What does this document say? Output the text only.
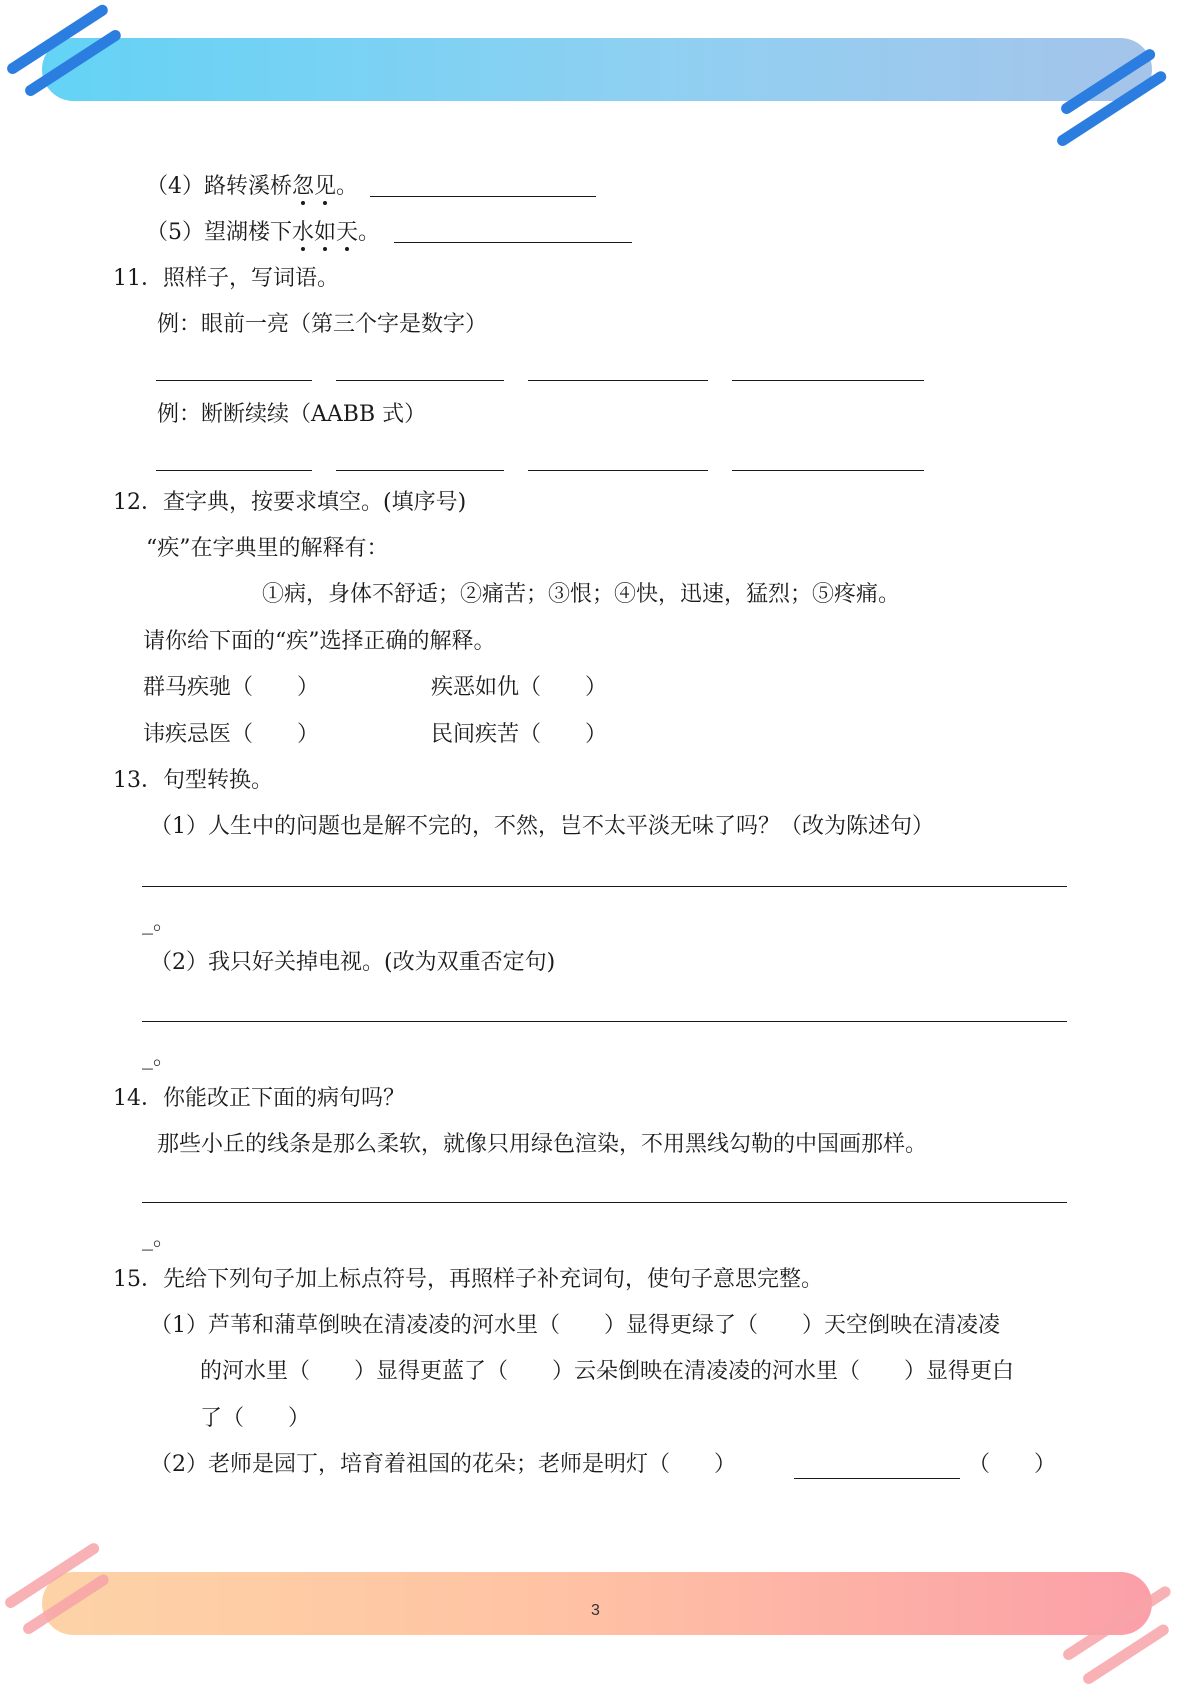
（4）路转溪桥忽见。
（5）望湖楼下水如天。
11．照样子，写词语。
例：眼前一亮（第三个字是数字）
例：断断续续（AABB 式）
12．查字典，按要求填空。(填序号)
“疾”在字典里的解释有：
①病，身体不舒适；②痛苦；③恨；④快，迅速，猛烈；⑤疼痛。
请你给下面的“疾”选择正确的解释。
群马疾驰（　　）	疾恶如仇（　　）
讳疾忌医（　　）	民间疾苦（　　）
13．句型转换。
（1）人生中的问题也是解不完的，不然，岂不太平淡无味了吗？（改为陈述句）
_。
（2）我只好关掉电视。(改为双重否定句)
_。
14．你能改正下面的病句吗？
那些小丘的线条是那么柔软，就像只用绿色渲染，不用黑线勾勒的中国画那样。
_。
15．先给下列句子加上标点符号，再照样子补充词句，使句子意思完整。
（1）芦苇和蒲草倒映在清凌凌的河水里（　　）显得更绿了（　　）天空倒映在清凌凌
的河水里（　　）显得更蓝了（　　）云朵倒映在清凌凌的河水里（　　）显得更白
了（　　）
（2）老师是园丁，培育着祖国的花朵；老师是明灯（　　）	（　　）
3
